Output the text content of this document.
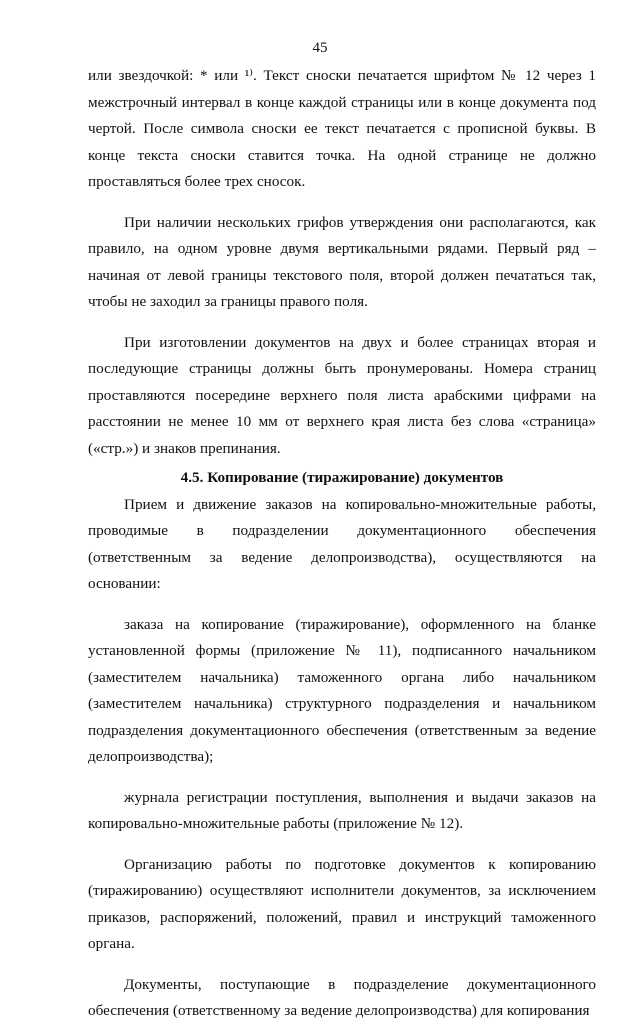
45

или звездочкой: * или ¹⁾. Текст сноски печатается шрифтом № 12 через 1 межстрочный интервал в конце каждой страницы или в конце документа под чертой. После символа сноски ее текст печатается с прописной буквы. В конце текста сноски ставится точка. На одной странице не должно проставляться более трех сносок.

При наличии нескольких грифов утверждения они располагаются, как правило, на одном уровне двумя вертикальными рядами. Первый ряд – начиная от левой границы текстового поля, второй должен печататься так, чтобы не заходил за границы правого поля.

При изготовлении документов на двух и более страницах вторая и последующие страницы должны быть пронумерованы. Номера страниц проставляются посередине верхнего поля листа арабскими цифрами на расстоянии не менее 10 мм от верхнего края листа без слова «страница» («стр.») и знаков препинания.

4.5. Копирование (тиражирование) документов

Прием и движение заказов на копировально-множительные работы, проводимые в подразделении документационного обеспечения (ответственным за ведение делопроизводства), осуществляются на основании:

заказа на копирование (тиражирование), оформленного на бланке установленной формы (приложение № 11), подписанного начальником (заместителем начальника) таможенного органа либо начальником (заместителем начальника) структурного подразделения и начальником подразделения документационного обеспечения (ответственным за ведение делопроизводства);

журнала регистрации поступления, выполнения и выдачи заказов на копировально-множительные работы (приложение № 12).

Организацию работы по подготовке документов к копированию (тиражированию) осуществляют исполнители документов, за исключением приказов, распоряжений, положений, правил и инструкций таможенного органа.

Документы, поступающие в подразделение документационного обеспечения (ответственному за ведение делопроизводства) для копирования
